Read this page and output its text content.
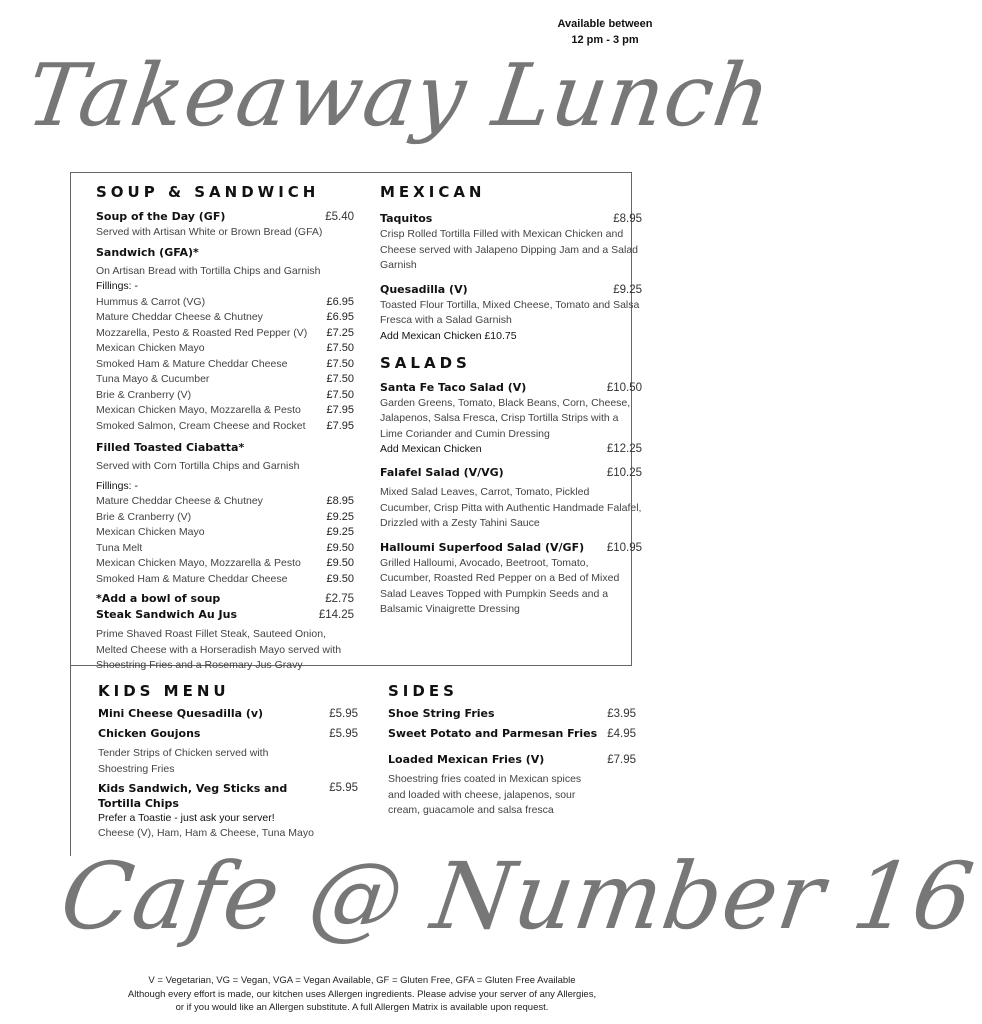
Available between
12 pm - 3 pm
Takeaway Lunch
SOUP & SANDWICH
Soup of the Day (GF)	£5.40
Served with Artisan White or Brown Bread (GFA)
Sandwich (GFA)*
On Artisan Bread with Tortilla Chips and Garnish
Fillings: -
Hummus & Carrot (VG)	£6.95
Mature Cheddar Cheese & Chutney	£6.95
Mozzarella, Pesto & Roasted Red Pepper (V) £7.25
Mexican Chicken Mayo	£7.50
Smoked Ham & Mature Cheddar Cheese	£7.50
Tuna Mayo & Cucumber	£7.50
Brie & Cranberry (V)	£7.50
Mexican Chicken Mayo, Mozzarella & Pesto £7.95
Smoked Salmon, Cream Cheese and Rocket £7.95
Filled Toasted Ciabatta*
Served with Corn Tortilla Chips and Garnish
Fillings: -
Mature Cheddar Cheese & Chutney	£8.95
Brie & Cranberry (V)	£9.25
Mexican Chicken Mayo	£9.25
Tuna Melt	£9.50
Mexican Chicken Mayo, Mozzarella & Pesto £9.50
Smoked Ham & Mature Cheddar Cheese	£9.50
*Add a bowl of soup	£2.75
Steak Sandwich Au Jus	£14.25
Prime Shaved Roast Fillet Steak, Sauteed Onion, Melted Cheese with a Horseradish Mayo served with Shoestring Fries and a Rosemary Jus Gravy
MEXICAN
Taquitos	£8.95
Crisp Rolled Tortilla Filled with Mexican Chicken and Cheese served with Jalapeno Dipping Jam and a Salad Garnish
Quesadilla (V)	£9.25
Toasted Flour Tortilla, Mixed Cheese, Tomato and Salsa Fresca with a Salad Garnish
Add Mexican Chicken £10.75
SALADS
Santa Fe Taco Salad (V)	£10.50
Garden Greens, Tomato, Black Beans, Corn, Cheese, Jalapenos, Salsa Fresca, Crisp Tortilla Strips with a Lime Coriander and Cumin Dressing
Add Mexican Chicken	£12.25
Falafel Salad (V/VG)	£10.25
Mixed Salad Leaves, Carrot, Tomato, Pickled Cucumber, Crisp Pitta with Authentic Handmade Falafel, Drizzled with a Zesty Tahini Sauce
Halloumi Superfood Salad (V/GF) £10.95
Grilled Halloumi, Avocado, Beetroot, Tomato, Cucumber, Roasted Red Pepper on a Bed of Mixed Salad Leaves Topped with Pumpkin Seeds and a Balsamic Vinaigrette Dressing
KIDS MENU
Mini Cheese Quesadilla (v)	£5.95
Chicken Goujons	£5.95
Tender Strips of Chicken served with Shoestring Fries
Kids Sandwich, Veg Sticks and Tortilla Chips
£5.95
Prefer a Toastie - just ask your server!
Cheese (V), Ham, Ham & Cheese, Tuna Mayo
SIDES
Shoe String Fries	£3.95
Sweet Potato and Parmesan Fries £4.95
Loaded Mexican Fries (V)	£7.95
Shoestring fries coated in Mexican spices and loaded with cheese, jalapenos, sour cream, guacamole and salsa fresca
Cafe @ Number 16
V = Vegetarian, VG = Vegan, VGA = Vegan Available, GF = Gluten Free, GFA = Gluten Free Available
Although every effort is made, our kitchen uses Allergen ingredients. Please advise your server of any Allergies,
or if you would like an Allergen substitute. A full Allergen Matrix is available upon request.
